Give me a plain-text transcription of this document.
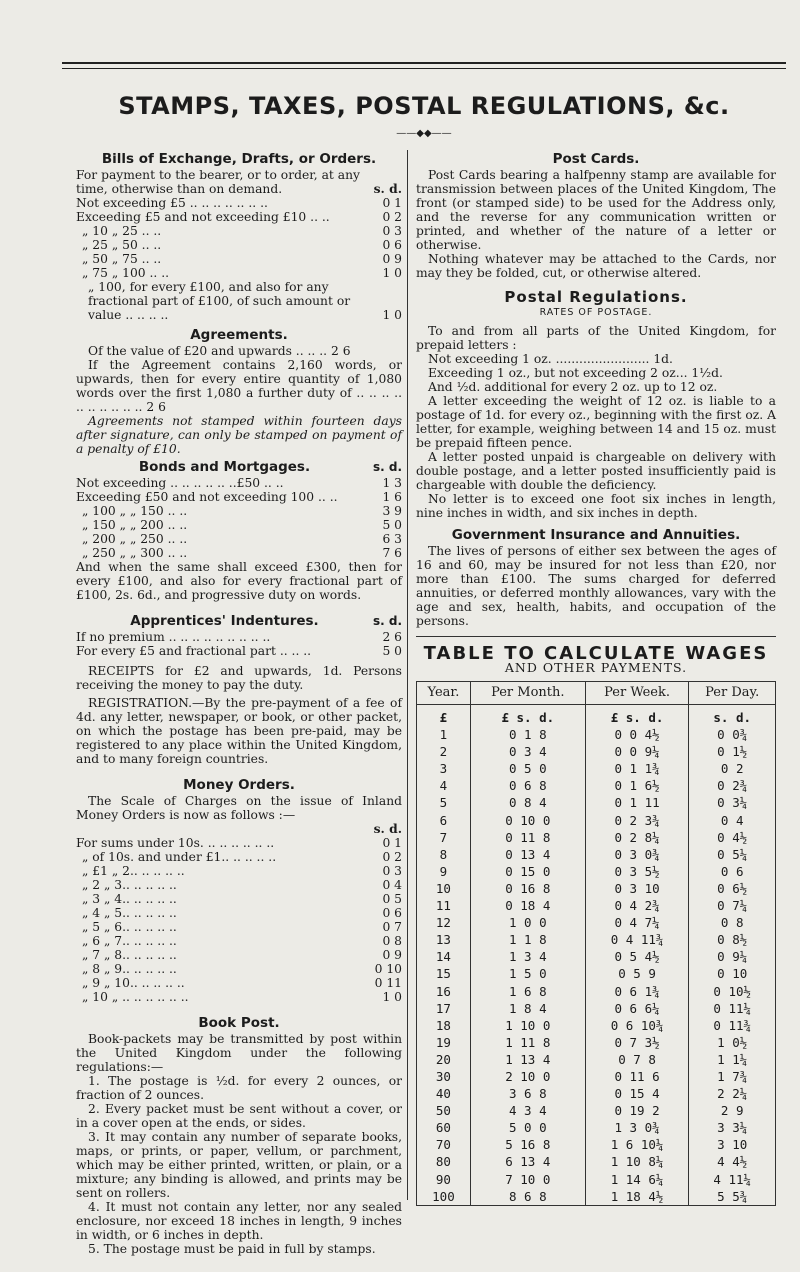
STAMPS, TAXES, POSTAL REGULATIONS, &c.
——◆◆——
Bills of Exchange, Drafts, or Orders.

For payment to the bearer, or to order, at any time, otherwise than on demand.	s. d.
Not exceeding £5 .. .. .. .. .. .. ..	0 1
Exceeding £5 and not exceeding £10 .. ..	0 2
„ 10 „ 25 .. ..	0 3
„ 25 „ 50 .. ..	0 6
„ 50 „ 75 .. ..	0 9
„ 75 „ 100 .. ..	1 0
„ 100, for every £100, and also for any fractional part of £100, of such amount or value .. .. .. ..	1 0
Agreements.

Of the value of £20 and upwards .. .. .. 2 6

If the Agreement contains 2,160 words, or upwards, then for every entire quantity of 1,080 words over the first 1,080 a further duty of .. .. .. .. .. .. .. .. .. .. 2 6

Agreements not stamped within fourteen days after signature, can only be stamped on payment of a penalty of £10.

Bonds and Mortgages.	s. d.
Not exceeding .. .. .. .. .. ..£50 .. ..	1 3
Exceeding £50 and not exceeding 100 .. ..	1 6
„ 100 „ „ 150 .. ..	3 9
„ 150 „ „ 200 .. ..	5 0
„ 200 „ „ 250 .. ..	6 3
„ 250 „ „ 300 .. ..	7 6

And when the same shall exceed £300, then for every £100, and also for every fractional part of £100, 2s. 6d., and progressive duty on words.

Apprentices' Indentures.	s. d.
If no premium .. .. .. .. .. .. .. .. ..	2 6
For every £5 and fractional part .. .. ..	5 0

RECEIPTS for £2 and upwards, 1d. Persons receiving the money to pay the duty.

REGISTRATION.—By the pre-payment of a fee of 4d. any letter, newspaper, or book, or other packet, on which the postage has been pre-paid, may be registered to any place within the United Kingdom, and to many foreign countries.

Money Orders.

The Scale of Charges on the issue of Inland Money Orders is now as follows :—

s. d.
For sums under 10s. .. .. .. .. .. ..	0 1
„ of 10s. and under £1.. .. .. .. ..	0 2
„ £1 „ 2.. .. .. .. ..	0 3
„ 2 „ 3.. .. .. .. ..	0 4
„ 3 „ 4.. .. .. .. ..	0 5
„ 4 „ 5.. .. .. .. ..	0 6
„ 5 „ 6.. .. .. .. ..	0 7
„ 6 „ 7.. .. .. .. ..	0 8
„ 7 „ 8.. .. .. .. ..	0 9
„ 8 „ 9.. .. .. .. ..	0 10
„ 9 „ 10.. .. .. .. ..	0 11
„ 10 „ .. .. .. .. .. ..	1 0
Book Post.

Book-packets may be transmitted by post within the United Kingdom under the following regulations:—

1. The postage is ½d. for every 2 ounces, or fraction of 2 ounces.

2. Every packet must be sent without a cover, or in a cover open at the ends, or sides.

3. It may contain any number of separate books, maps, or prints, or paper, vellum, or parchment, which may be either printed, written, or plain, or a mixture; any binding is allowed, and prints may be sent on rollers.

4. It must not contain any letter, nor any sealed enclosure, nor exceed 18 inches in length, 9 inches in width, or 6 inches in depth.

5. The postage must be paid in full by stamps.

Post Cards.

Post Cards bearing a halfpenny stamp are available for transmission between places of the United Kingdom, The front (or stamped side) to be used for the Address only, and the reverse for any communication written or printed, and whether of the nature of a letter or otherwise.

Nothing whatever may be attached to the Cards, nor may they be folded, cut, or otherwise altered.

Postal Regulations.
RATES OF POSTAGE.

To and from all parts of the United Kingdom, for prepaid letters :

Not exceeding 1 oz. ........................ 1d.

Exceeding 1 oz., but not exceeding 2 oz... 1½d.

And ½d. additional for every 2 oz. up to 12 oz.

A letter exceeding the weight of 12 oz. is liable to a postage of 1d. for every oz., beginning with the first oz. A letter, for example, weighing between 14 and 15 oz. must be prepaid fifteen pence.

A letter posted unpaid is chargeable on delivery with double postage, and a letter posted insufficiently paid is chargeable with double the deficiency.

No letter is to exceed one foot six inches in length, nine inches in width, and six inches in depth.

Government Insurance and Annuities.

The lives of persons of either sex between the ages of 16 and 60, may be insured for not less than £20, nor more than £100. The sums charged for deferred annuities, or deferred monthly allowances, vary with the age and sex, health, habits, and occupation of the persons.

TABLE TO CALCULATE WAGES
AND OTHER PAYMENTS.
Year.	Per Month.	Per Week.	Per Day.
£	£ s. d.	£ s. d.	s. d.
1	0 1 8	0 0 4½	0 0¾
2	0 3 4	0 0 9¼	0 1½
3	0 5 0	0 1 1¾	0 2
4	0 6 8	0 1 6½	0 2¾
5	0 8 4	0 1 11	0 3¼
6	0 10 0	0 2 3¾	0 4
7	0 11 8	0 2 8¼	0 4½
8	0 13 4	0 3 0¾	0 5¼
9	0 15 0	0 3 5½	0 6
10	0 16 8	0 3 10	0 6½
11	0 18 4	0 4 2¾	0 7¼
12	1 0 0	0 4 7¼	0 8
13	1 1 8	0 4 11¾	0 8½
14	1 3 4	0 5 4½	0 9¼
15	1 5 0	0 5 9	0 10
16	1 6 8	0 6 1¾	0 10½
17	1 8 4	0 6 6¼	0 11¼
18	1 10 0	0 6 10¾	0 11¾
19	1 11 8	0 7 3½	1 0½
20	1 13 4	0 7 8	1 1¼
30	2 10 0	0 11 6	1 7¾
40	3 6 8	0 15 4	2 2¼
50	4 3 4	0 19 2	2 9
60	5 0 0	1 3 0¾	3 3¼
70	5 16 8	1 6 10¼	3 10
80	6 13 4	1 10 8¼	4 4½
90	7 10 0	1 14 6¼	4 11¼
100	8 6 8	1 18 4½	5 5¾
